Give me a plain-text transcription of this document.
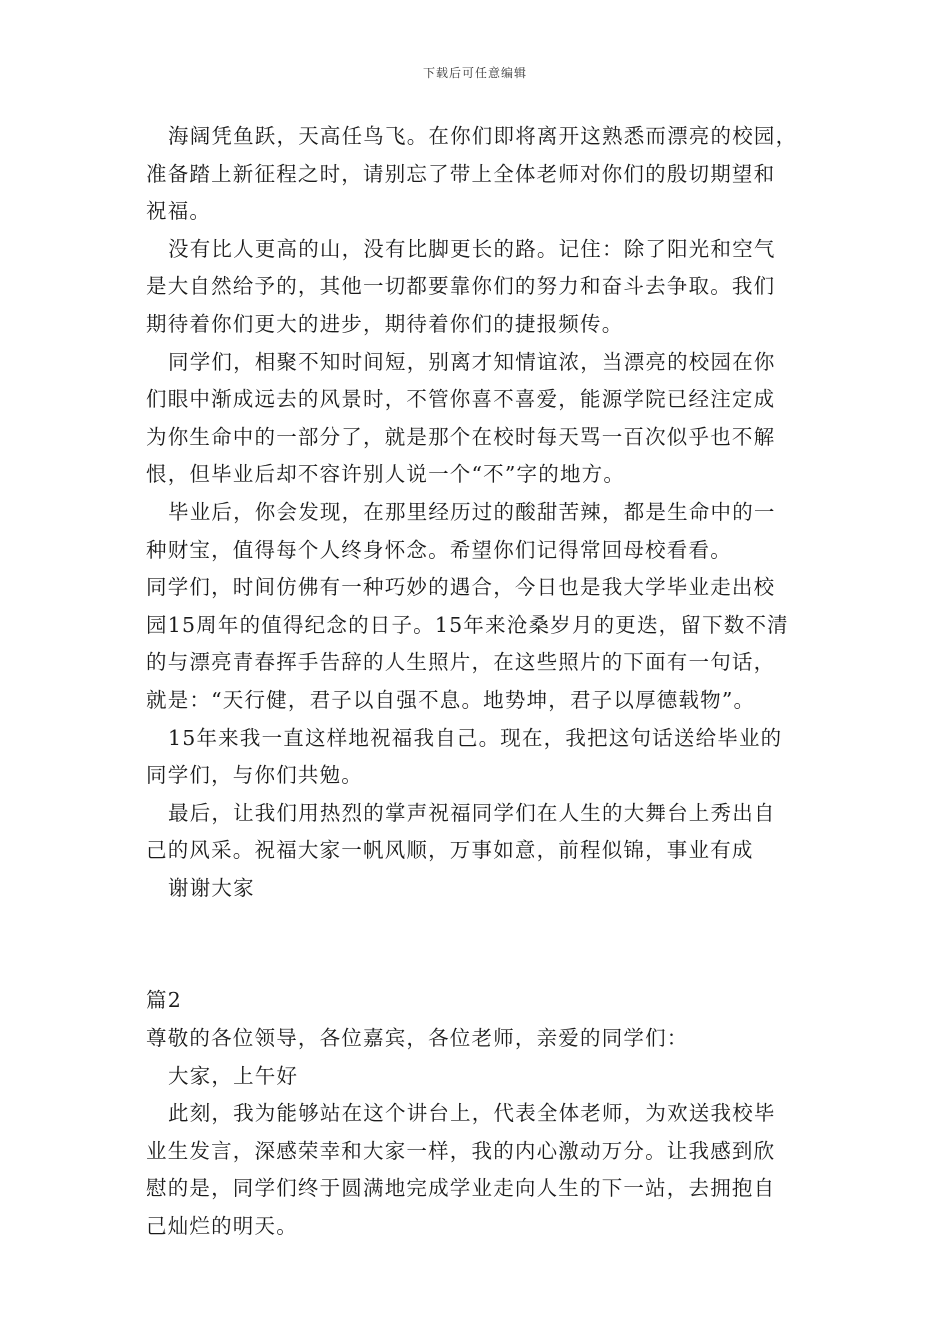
下载后可任意编辑
海阔凭鱼跃，天高任鸟飞。在你们即将离开这熟悉而漂亮的校园，
准备踏上新征程之时，请别忘了带上全体老师对你们的殷切期望和
祝福。
没有比人更高的山，没有比脚更长的路。记住：除了阳光和空气
是大自然给予的，其他一切都要靠你们的努力和奋斗去争取。我们
期待着你们更大的进步，期待着你们的捷报频传。
同学们，相聚不知时间短，别离才知情谊浓，当漂亮的校园在你
们眼中渐成远去的风景时，不管你喜不喜爱，能源学院已经注定成
为你生命中的一部分了，就是那个在校时每天骂一百次似乎也不解
恨，但毕业后却不容许别人说一个“不”字的地方。
毕业后，你会发现，在那里经历过的酸甜苦辣，都是生命中的一
种财宝，值得每个人终身怀念。希望你们记得常回母校看看。
同学们，时间仿佛有一种巧妙的遇合，今日也是我大学毕业走出校
园15周年的值得纪念的日子。15年来沧桑岁月的更迭，留下数不清
的与漂亮青春挥手告辞的人生照片，在这些照片的下面有一句话，
就是：“天行健，君子以自强不息。地势坤，君子以厚德载物”。
15年来我一直这样地祝福我自己。现在，我把这句话送给毕业的
同学们，与你们共勉。
最后，让我们用热烈的掌声祝福同学们在人生的大舞台上秀出自
己的风采。祝福大家一帆风顺，万事如意，前程似锦，事业有成
谢谢大家
篇2
尊敬的各位领导，各位嘉宾，各位老师，亲爱的同学们：
大家，上午好
此刻，我为能够站在这个讲台上，代表全体老师，为欢送我校毕
业生发言，深感荣幸和大家一样，我的内心激动万分。让我感到欣
慰的是，同学们终于圆满地完成学业走向人生的下一站，去拥抱自
己灿烂的明天。
